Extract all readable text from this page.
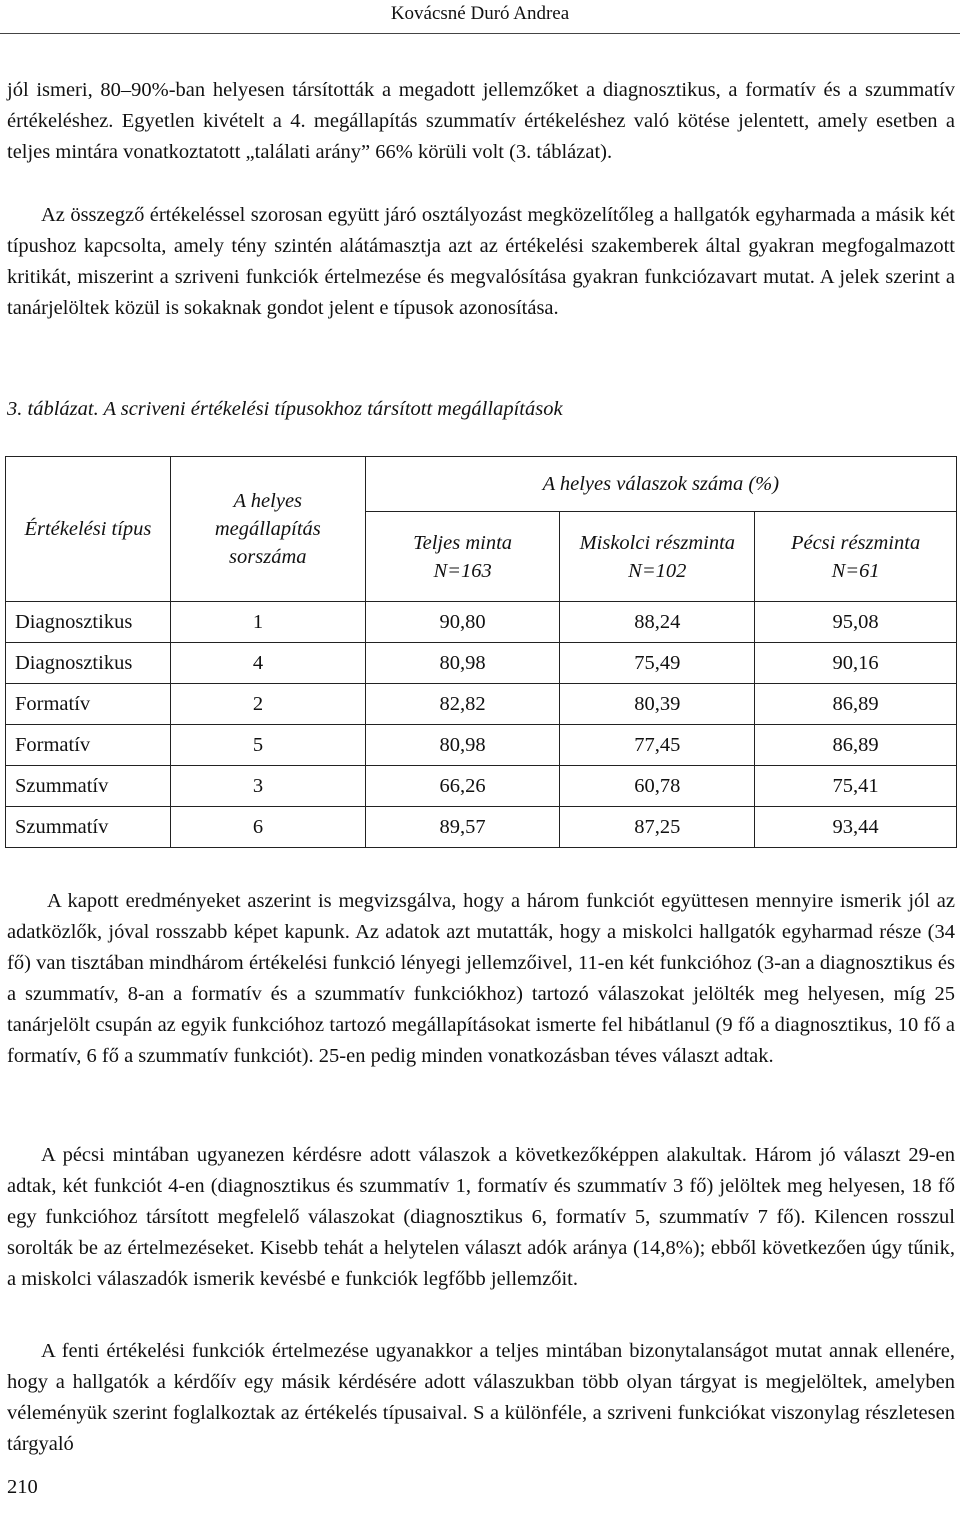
Kovácsné Duró Andrea

jól ismeri, 80–90%-ban helyesen társították a megadott jellemzőket a diagnosztikus, a formatív és a szummatív értékeléshez. Egyetlen kivételt a 4. megállapítás szummatív értékeléshez való kötése jelentett, amely esetben a teljes mintára vonatkoztatott „találati arány” 66% körüli volt (3. táblázat).

Az összegző értékeléssel szorosan együtt járó osztályozást megközelítőleg a hallgatók egyharmada a másik két típushoz kapcsolta, amely tény szintén alátámasztja azt az értékelési szakemberek által gyakran megfogalmazott kritikát, miszerint a szriveni funkciók értelmezése és megvalósítása gyakran funkciózavart mutat. A jelek szerint a tanárjelöltek közül is sokaknak gondot jelent e típusok azonosítása.

3. táblázat. A scriveni értékelési típusokhoz társított megállapítások
Értékelési típus	A helyes megállapítás sorszáma	A helyes válaszok száma (%)		
		Teljes minta N=163	Miskolci részminta N=102	Pécsi részminta N=61
Diagnosztikus	1	90,80	88,24	95,08
Diagnosztikus	4	80,98	75,49	90,16
Formatív	2	82,82	80,39	86,89
Formatív	5	80,98	77,45	86,89
Szummatív	3	66,26	60,78	75,41
Szummatív	6	89,57	87,25	93,44

A kapott eredményeket aszerint is megvizsgálva, hogy a három funkciót együttesen mennyire ismerik jól az adatközlők, jóval rosszabb képet kapunk. Az adatok azt mutatták, hogy a miskolci hallgatók egyharmad része (34 fő) van tisztában mindhárom értékelési funkció lényegi jellemzőivel, 11-en két funkcióhoz (3-an a diagnosztikus és a szummatív, 8-an a formatív és a szummatív funkciókhoz) tartozó válaszokat jelölték meg helyesen, míg 25 tanárjelölt csupán az egyik funkcióhoz tartozó megállapításokat ismerte fel hibátlanul (9 fő a diagnosztikus, 10 fő a formatív, 6 fő a szummatív funkciót). 25-en pedig minden vonatkozásban téves választ adtak.

A pécsi mintában ugyanezen kérdésre adott válaszok a következőképpen alakultak. Három jó választ 29-en adtak, két funkciót 4-en (diagnosztikus és szummatív 1, formatív és szummatív 3 fő) jelöltek meg helyesen, 18 fő egy funkcióhoz társított megfelelő válaszokat (diagnosztikus 6, formatív 5, szummatív 7 fő). Kilencen rosszul sorolták be az értelmezéseket. Kisebb tehát a helytelen választ adók aránya (14,8%); ebből következően úgy tűnik, a miskolci válaszadók ismerik kevésbé e funkciók legfőbb jellemzőit.

A fenti értékelési funkciók értelmezése ugyanakkor a teljes mintában bizonytalanságot mutat annak ellenére, hogy a hallgatók a kérdőív egy másik kérdésére adott válaszukban több olyan tárgyat is megjelöltek, amelyben véleményük szerint foglalkoztak az értékelés típusaival. S a különféle, a szriveni funkciókat viszonylag részletesen tárgyaló

210
